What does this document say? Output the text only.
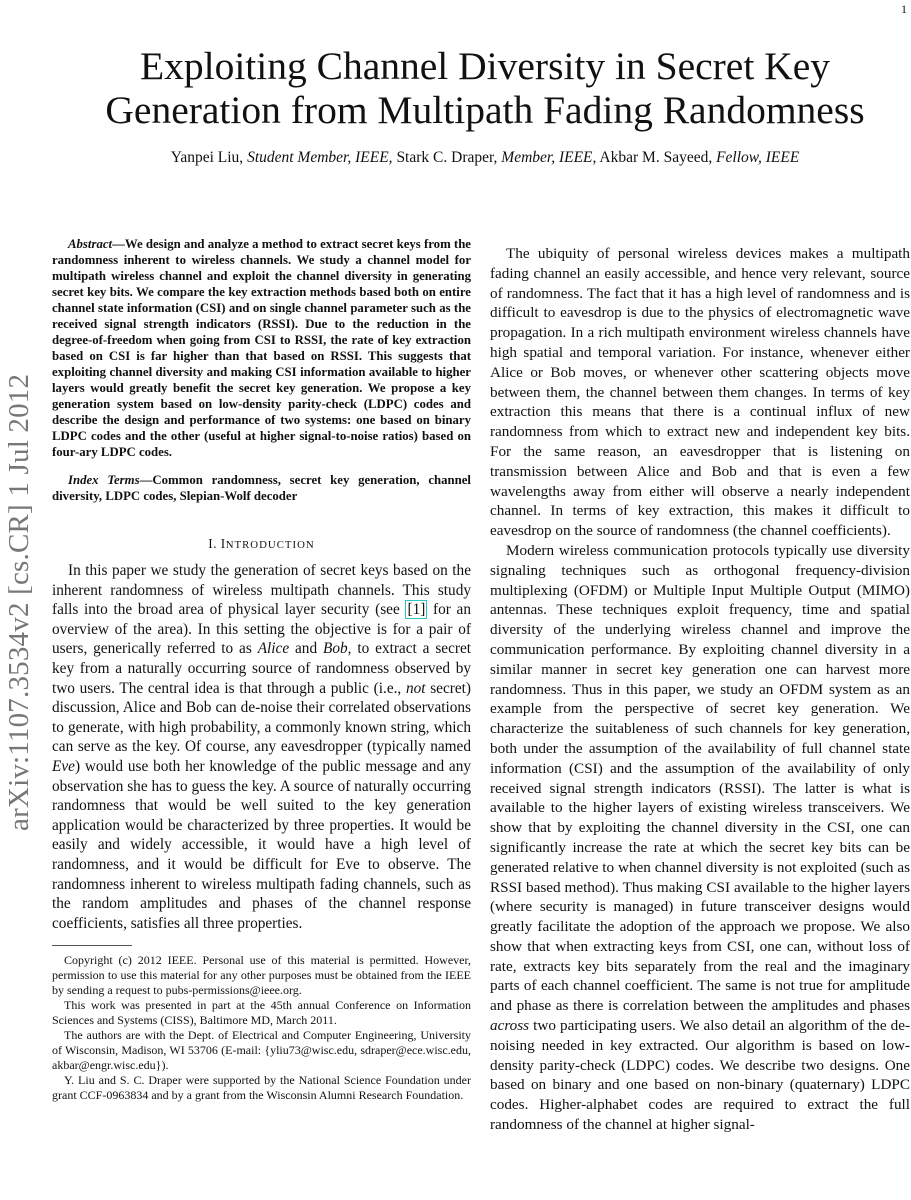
1
arXiv:1107.3534v2 [cs.CR] 1 Jul 2012
Exploiting Channel Diversity in Secret Key
Generation from Multipath Fading Randomness
Yanpei Liu, Student Member, IEEE, Stark C. Draper, Member, IEEE, Akbar M. Sayeed, Fellow, IEEE

Abstract—We design and analyze a method to extract secret keys from the randomness inherent to wireless channels. We study a channel model for multipath wireless channel and exploit the channel diversity in generating secret key bits. We compare the key extraction methods based both on entire channel state information (CSI) and on single channel parameter such as the received signal strength indicators (RSSI). Due to the reduction in the degree-of-freedom when going from CSI to RSSI, the rate of key extraction based on CSI is far higher than that based on RSSI. This suggests that exploiting channel diversity and making CSI information available to higher layers would greatly benefit the secret key generation. We propose a key generation system based on low-density parity-check (LDPC) codes and describe the design and performance of two systems: one based on binary LDPC codes and the other (useful at higher signal-to-noise ratios) based on four-ary LDPC codes.

Index Terms—Common randomness, secret key generation, channel diversity, LDPC codes, Slepian-Wolf decoder

I. INTRODUCTION

In this paper we study the generation of secret keys based on the inherent randomness of wireless multipath channels. This study falls into the broad area of physical layer security (see [1] for an overview of the area). In this setting the objective is for a pair of users, generically referred to as Alice and Bob, to extract a secret key from a naturally occurring source of randomness observed by two users. The central idea is that through a public (i.e., not secret) discussion, Alice and Bob can de-noise their correlated observations to generate, with high probability, a commonly known string, which can serve as the key. Of course, any eavesdropper (typically named Eve) would use both her knowledge of the public message and any observation she has to guess the key. A source of naturally occurring randomness that would be well suited to the key generation application would be characterized by three properties. It would be easily and widely accessible, it would have a high level of randomness, and it would be difficult for Eve to observe. The randomness inherent to wireless multipath fading channels, such as the random amplitudes and phases of the channel response coefficients, satisfies all three properties.

Copyright (c) 2012 IEEE. Personal use of this material is permitted. However, permission to use this material for any other purposes must be obtained from the IEEE by sending a request to pubs-permissions@ieee.org.

This work was presented in part at the 45th annual Conference on Information Sciences and Systems (CISS), Baltimore MD, March 2011.

The authors are with the Dept. of Electrical and Computer Engineering, University of Wisconsin, Madison, WI 53706 (E-mail: {yliu73@wisc.edu, sdraper@ece.wisc.edu, akbar@engr.wisc.edu}).

Y. Liu and S. C. Draper were supported by the National Science Foundation under grant CCF-0963834 and by a grant from the Wisconsin Alumni Research Foundation.

The ubiquity of personal wireless devices makes a multipath fading channel an easily accessible, and hence very relevant, source of randomness. The fact that it has a high level of randomness and is difficult to eavesdrop is due to the physics of electromagnetic wave propagation. In a rich multipath environment wireless channels have high spatial and temporal variation. For instance, whenever either Alice or Bob moves, or whenever other scattering objects move between them, the channel between them changes. In terms of key extraction this means that there is a continual influx of new randomness from which to extract new and independent key bits. For the same reason, an eavesdropper that is listening on transmission between Alice and Bob and that is even a few wavelengths away from either will observe a nearly independent channel. In terms of key extraction, this makes it difficult to eavesdrop on the source of randomness (the channel coefficients).

Modern wireless communication protocols typically use diversity signaling techniques such as orthogonal frequency-division multiplexing (OFDM) or Multiple Input Multiple Output (MIMO) antennas. These techniques exploit frequency, time and spatial diversity of the underlying wireless channel and improve the communication performance. By exploiting channel diversity in a similar manner in secret key generation one can harvest more randomness. Thus in this paper, we study an OFDM system as an example from the perspective of secret key generation. We characterize the suitableness of such channels for key generation, both under the assumption of the availability of full channel state information (CSI) and the assumption of the availability of only received signal strength indicators (RSSI). The latter is what is available to the higher layers of existing wireless transceivers. We show that by exploiting the channel diversity in the CSI, one can significantly increase the rate at which the secret key bits can be generated relative to when channel diversity is not exploited (such as RSSI based method). Thus making CSI available to the higher layers (where security is managed) in future transceiver designs would greatly facilitate the adoption of the approach we propose. We also show that when extracting keys from CSI, one can, without loss of rate, extracts key bits separately from the real and the imaginary parts of each channel coefficient. The same is not true for amplitude and phase as there is correlation between the amplitudes and phases across two participating users. We also detail an algorithm of the de-noising needed in key extracted. Our algorithm is based on low-density parity-check (LDPC) codes. We describe two designs. One based on binary and one based on non-binary (quaternary) LDPC codes. Higher-alphabet codes are required to extract the full randomness of the channel at higher signal-
